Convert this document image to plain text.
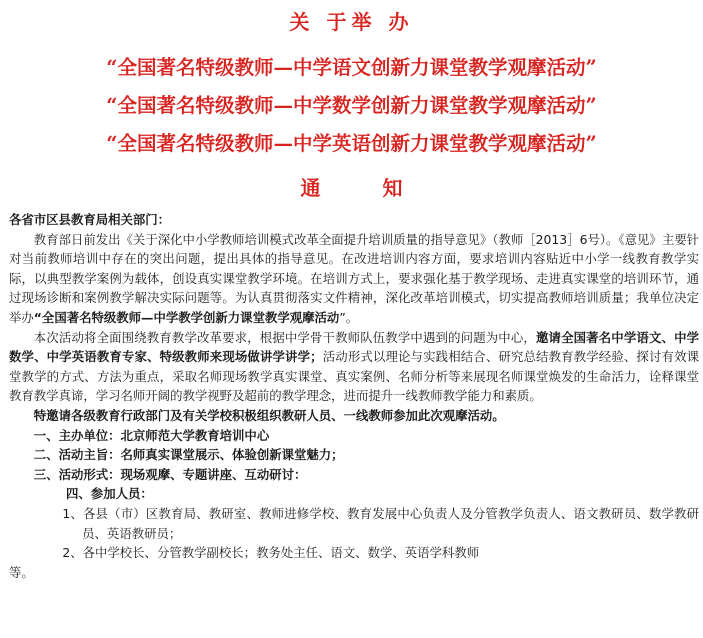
关 于举 办
“全国著名特级教师—中学语文创新力课堂教学观摩活动”
“全国著名特级教师—中学数学创新力课堂教学观摩活动”
“全国著名特级教师—中学英语创新力课堂教学观摩活动”
通	知

各省市区县教育局相关部门：

教育部日前发出《关于深化中小学教师培训模式改革全面提升培训质量的指导意见》（教师［2013］6号）。《意见》主要针对当前教师培训中存在的突出问题，提出具体的指导意见。在改进培训内容方面，要求培训内容贴近中小学一线教育教学实际，以典型教学案例为载体，创设真实课堂教学环境。在培训方式上，要求强化基于教学现场、走进真实课堂的培训环节，通过现场诊断和案例教学解决实际问题等。为认真贯彻落实文件精神，深化改革培训模式，切实提高教师培训质量；我单位决定举办“全国著名特级教师—中学教学创新力课堂教学观摩活动”。

本次活动将全面围绕教育教学改革要求，根据中学骨干教师队伍教学中遇到的问题为中心，邀请全国著名中学语文、中学数学、中学英语教育专家、特级教师来现场做讲学讲学；活动形式以理论与实践相结合、研究总结教育教学经验、探讨有效课堂教学的方式、方法为重点，采取名师现场教学真实课堂、真实案例、名师分析等来展现名师课堂焕发的生命活力，诠释课堂教育教学真谛，学习名师开阔的教学视野及超前的教学理念，进而提升一线教师教学能力和素质。

特邀请各级教育行政部门及有关学校积极组织教研人员、一线教师参加此次观摩活动。

一、主办单位：北京师范大学教育培训中心

二、活动主旨：名师真实课堂展示、体验创新课堂魅力；

三、活动形式：现场观摩、专题讲座、互动研讨：

四、参加人员：

1、各县（市）区教育局、教研室、教师进修学校、教育发展中心负责人及分管教学负责人、语文教研员、数学教研员、英语教研员；

2、各中学校长、分管教学副校长；教务处主任、语文、数学、英语学科教师

等。
